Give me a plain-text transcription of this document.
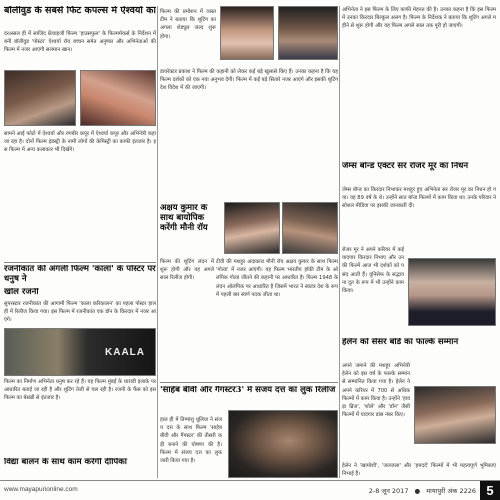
बॉलीवुड के सबसे फिट कपल्स में ऐश्वर्या का
दरअसल ही में साजिद फ्रेंचाइजी फिल्म 'हाउसफुल' के फिल्ममेकर्स के निर्देशन में बनी बॉलीवुड 'पोस्टर' ऐश्वर्या रॉय बच्चन समेत अनुष्का और अभिनेताओं की फिल्म में नजर आएंगी सलमान खान।
सामने आई फोटो में ऐश्वर्या और रणबीर कपूर में ऐश्वर्या कपूर और अभिनेत्री कहा जा रहा है। दोनों फिल्म इंडस्ट्री के नामी लोगों की केमिस्ट्री का काफी इंतजार है। इस फिल्म में अन्य कलाकार भी दिखेंगे।
रजनीकांत की अगली फिल्म 'काला' के पोस्टर पर धनुष ने
खोल रजनी
सुपरस्टार रजनीकांत की आगामी फिल्म 'काला करिकालन' का पहला पोस्टर हाल ही में रिलीज किया गया। इस फिल्म में रजनीकांत एक डॉन के किरदार में नजर आएंगे।
KAALA
फिल्म का निर्माण अभिनेता धनुष कर रहे हैं। यह फिल्म मुंबई के धारावी इलाके पर आधारित बताई जा रही है और शूटिंग तेजी से चल रही है। रजनी के फैंस को इस फिल्म का बेसब्री से इंतजार है।
विद्या बालन के साथ काम करेंगी दीपिका
फिल्म की प्रमोशन में व्यस्त टीम ने बताया कि शूटिंग का अगला शेड्यूल जल्द शुरू होगा।
डायरेक्टर प्रकाश ने फिल्म की कहानी को लेकर कई बड़े खुलासे किए हैं। उनका कहना है कि यह फिल्म दर्शकों को एक नया अनुभव देगी। फिल्म में कई बड़े सितारे नजर आएंगे और इसकी शूटिंग देश विदेश में की जाएगी।
अक्षय कुमार के साथ बायोपिक करेंगी मौनी रॉय
टीवी की मशहूर अदाकारा मौनी रॉय अक्षय कुमार के साथ फिल्म 'गोल्ड' में नजर आएंगी। यह फिल्म भारतीय हॉकी टीम के ओलंपिक गोल्ड जीतने की कहानी पर आधारित है। फिल्म 1948 के लंदन ओलंपिक पर आधारित है जिसमें भारत ने स्वतंत्र देश के रूप में पहली बार स्वर्ण पदक जीता था।
फिल्म की शूटिंग लंदन में शुरू होगी और यह अगले साल रिलीज होगी।
'साहेब बीवी और गैंगस्टर3' में संजय दत्त का लुक रिलीज
हाल ही में तिग्मांशु धूलिया ने संजय दत्त के साथ फिल्म 'साहेब बीवी और गैंगस्टर' की तीसरी कड़ी बनाने की घोषणा की है। फिल्म में संजय दत्त का लुक जारी किया गया है।
अभिनेता ने इस फिल्म के लिए काफी मेहनत की है। उनका कहना है कि इस फिल्म में उनका किरदार बिल्कुल अलग है। फिल्म के निर्देशक ने बताया कि शूटिंग अगले महीने से शुरू होगी और यह फिल्म अगले साल तक पूरी हो जाएगी।
जेम्स बॉन्ड एक्टर सर रोजर मूर का निधन
जेम्स बॉन्ड का किरदार निभाकर मशहूर हुए अभिनेता सर रोजर मूर का निधन हो गया। वह 89 वर्ष के थे। उन्होंने सात बॉन्ड फिल्मों में काम किया था। उनके परिवार ने सोशल मीडिया पर इसकी जानकारी दी।
रोजर मूर ने अपने करियर में कई यादगार किरदार निभाए और उनकी फिल्में आज भी दर्शकों को पसंद आती हैं। यूनिसेफ के सद्भावना दूत के रूप में भी उन्होंने काम किया।
हेलेन को सेंसर बोर्ड का फाल्के सम्मान
अपने जमाने की मशहूर अभिनेत्री हेलेन को इस वर्ष के फाल्के सम्मान से सम्मानित किया गया है। हेलेन ने अपने करियर में 700 से अधिक फिल्मों में काम किया है। उन्होंने 'हावड़ा ब्रिज', 'शोले' और 'डॉन' जैसी फिल्मों में यादगार डांस नंबर किए।
हेलेन ने 'खामोशी', 'जलजला' और 'हमदर्द' फिल्मों में भी महत्वपूर्ण भूमिकाएं निभाई हैं।
www.mayapurionline.com	2-8 जून 2017 ● मायापुरी अंक 2226 5
